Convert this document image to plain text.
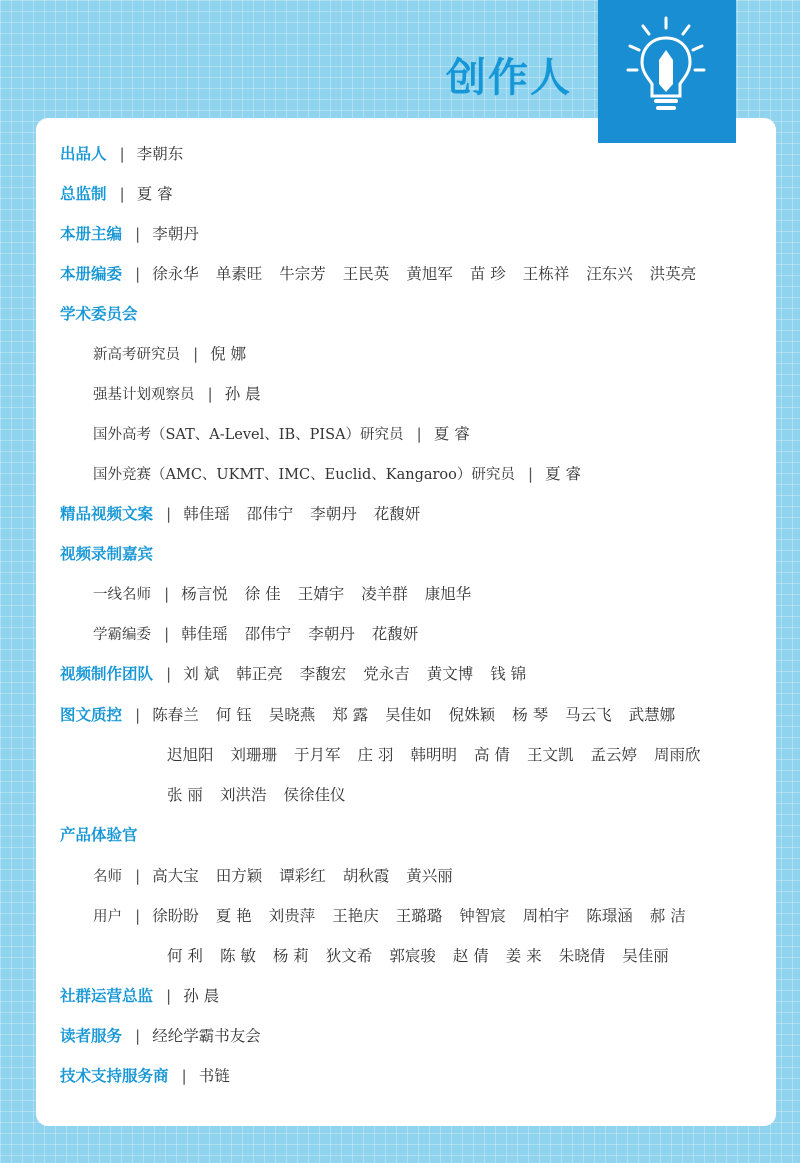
创作人
出品人 | 李朝东
总监制 | 夏 睿
本册主编 | 李朝丹
本册编委 | 徐永华 单素旺 牛宗芳 王民英 黄旭军 苗 珍 王栋祥 汪东兴 洪英亮
学术委员会
新高考研究员 | 倪 娜
强基计划观察员 | 孙 晨
国外高考（SAT、A-Level、IB、PISA）研究员 | 夏 睿
国外竞赛（AMC、UKMT、IMC、Euclid、Kangaroo）研究员 | 夏 睿
精品视频文案 | 韩佳瑶 邵伟宁 李朝丹 花馥妍
视频录制嘉宾
一线名师 | 杨言悦 徐 佳 王婧宇 凌羊群 康旭华
学霸编委 | 韩佳瑶 邵伟宁 李朝丹 花馥妍
视频制作团队 | 刘 斌 韩正亮 李馥宏 党永吉 黄文博 钱 锦
图文质控 | 陈春兰 何 钰 吴晓燕 郑 露 吴佳如 倪姝颖 杨 琴 马云飞 武慧娜
迟旭阳 刘珊珊 于月军 庄 羽 韩明明 高 倩 王文凯 孟云婷 周雨欣
张 丽 刘洪浩 侯徐佳仪
产品体验官
名师 | 高大宝 田方颖 谭彩红 胡秋霞 黄兴丽
用户 | 徐盼盼 夏 艳 刘贵萍 王艳庆 王璐璐 钟智宸 周柏宇 陈璟涵 郝 洁
何 利 陈 敏 杨 莉 狄文希 郭宸骏 赵 倩 姜 来 朱晓倩 吴佳丽
社群运营总监 | 孙 晨
读者服务 | 经纶学霸书友会
技术支持服务商 | 书链
